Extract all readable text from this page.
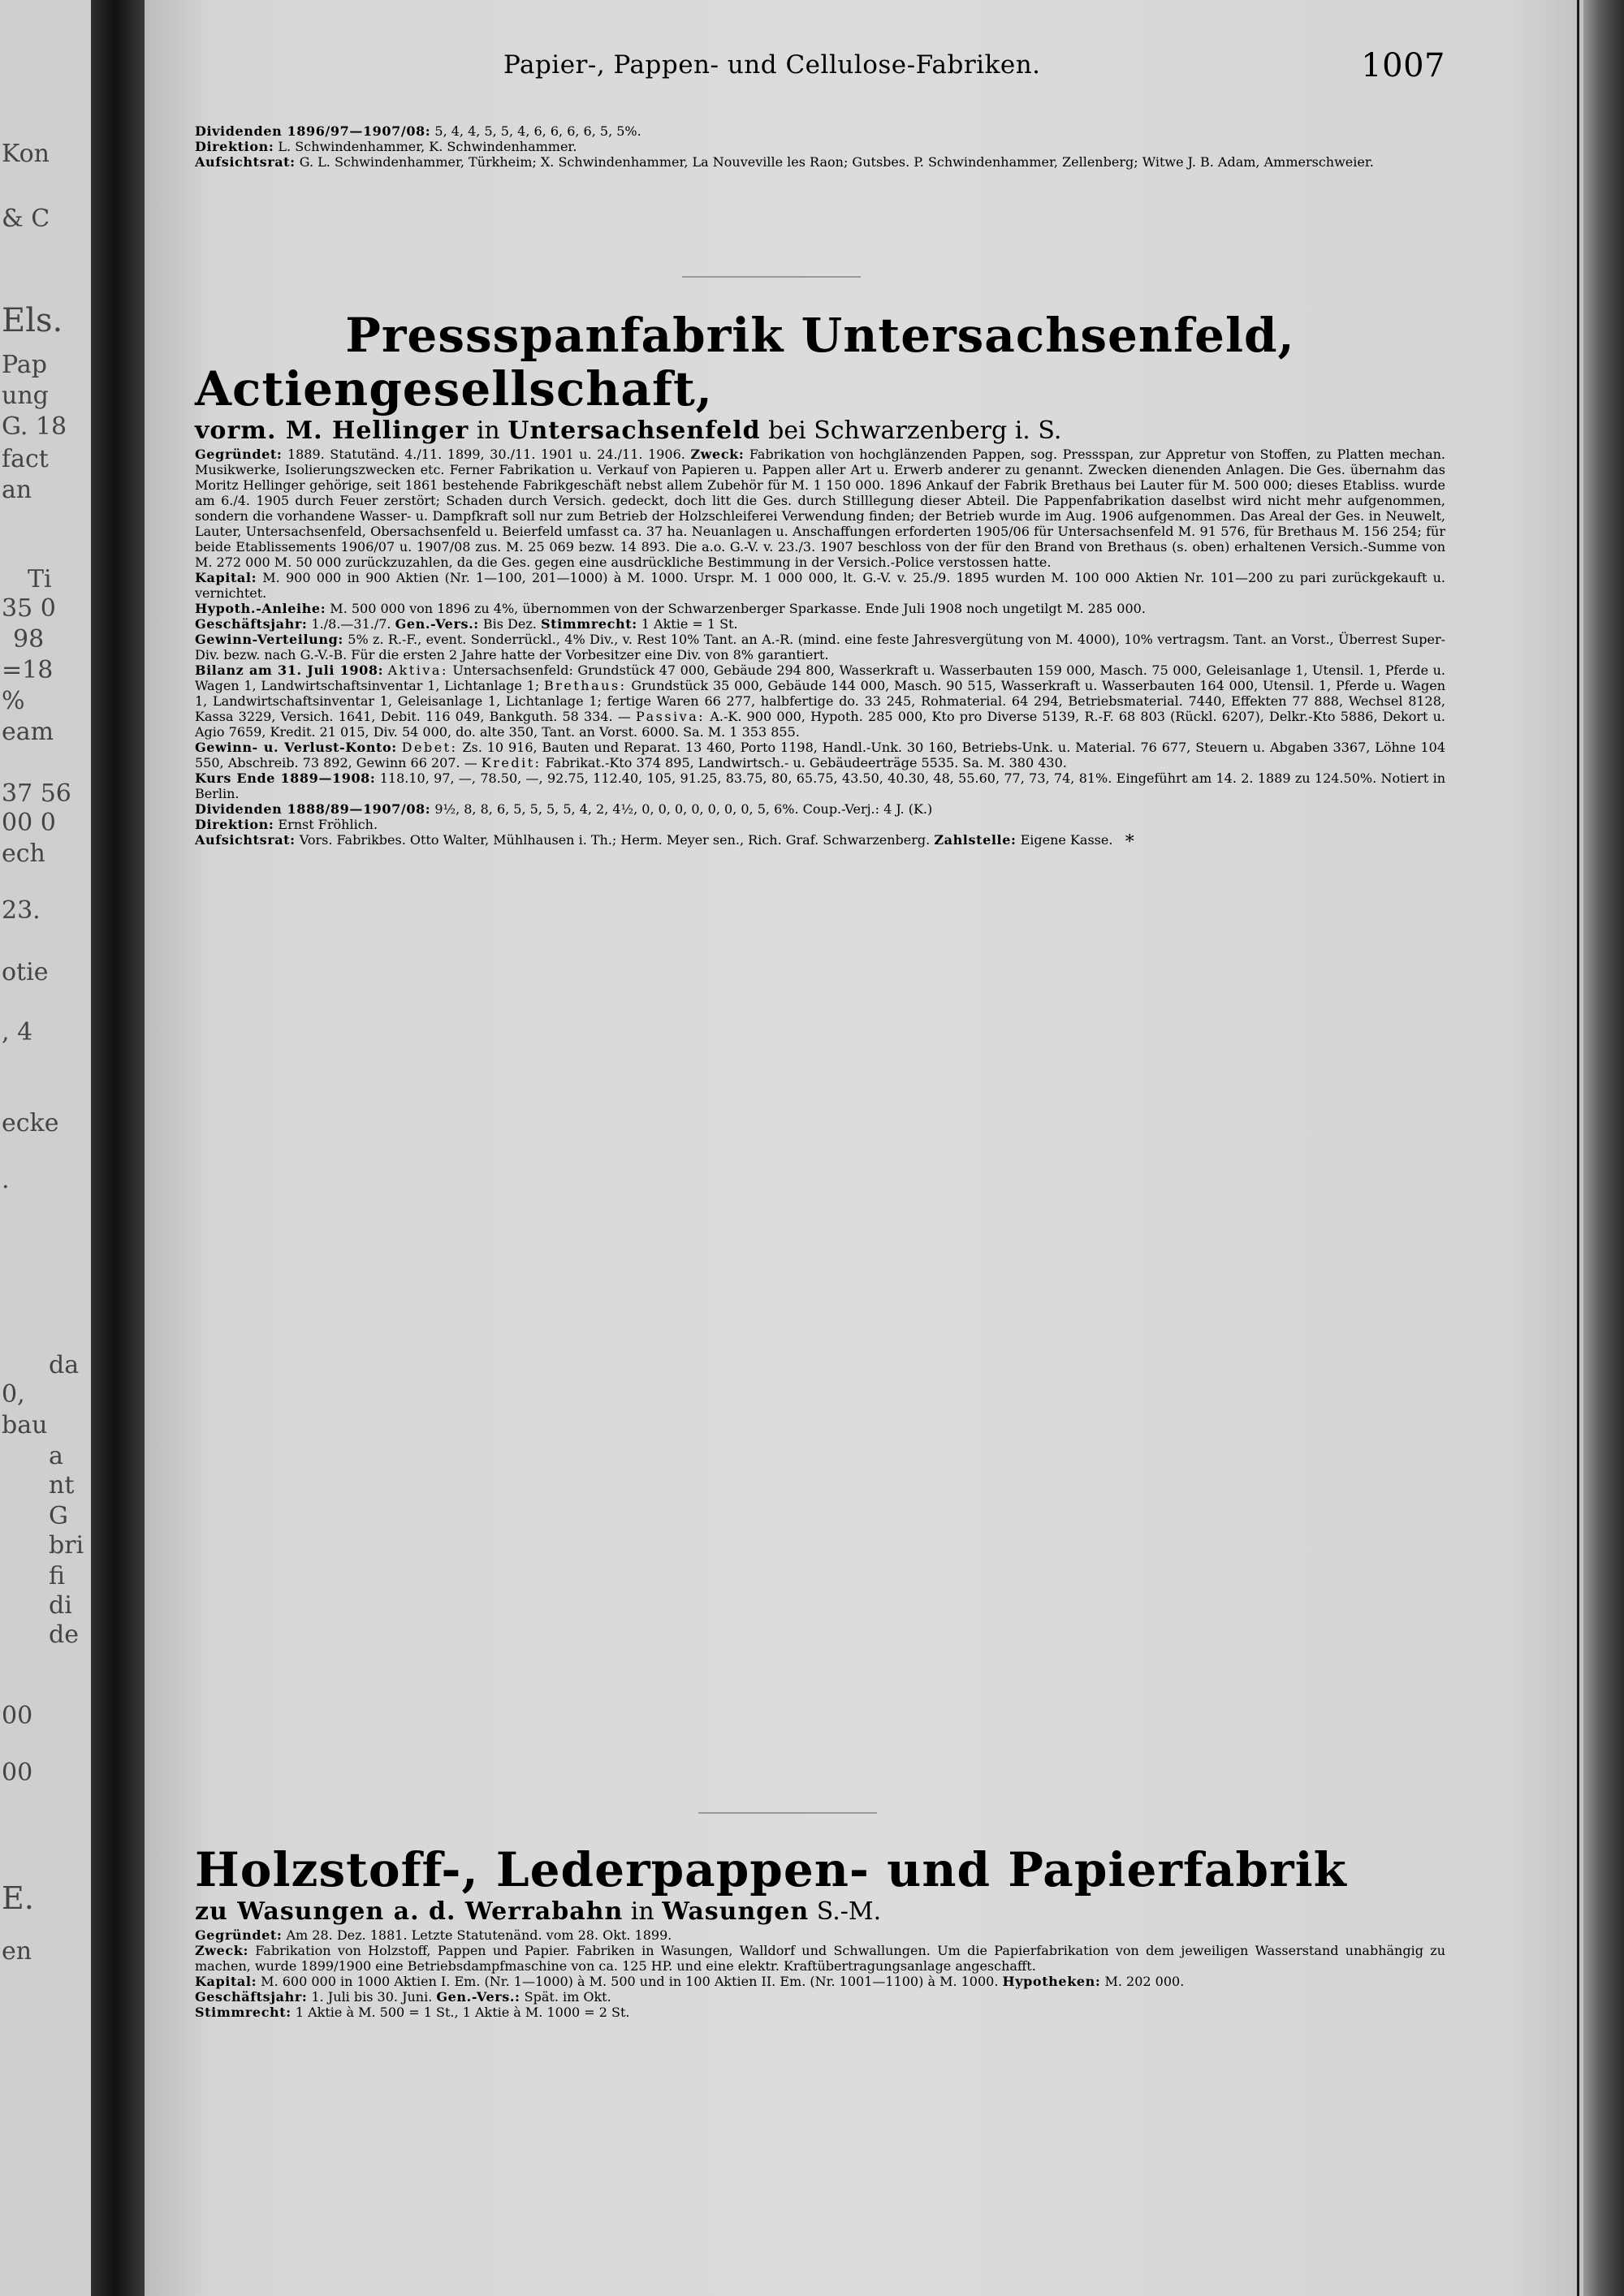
Kon
& C
Els.
Pap
ung
G. 18
fact
an
Ti
35 0
98
=18
%
eam
37 56
00 0
ech
23.
otie
, 4
ecke
.
da
0,
bau
a
nt
G
bri
fi
di
de
00
00
E.
en
Papier-, Pappen- und Cellulose-Fabriken.	1007

Dividenden 1896/97—1907/08: 5, 4, 4, 5, 5, 4, 6, 6, 6, 6, 5, 5%.

Direktion: L. Schwindenhammer, K. Schwindenhammer.

Aufsichtsrat: G. L. Schwindenhammer, Türkheim; X. Schwindenhammer, La Nouveville les Raon; Gutsbes. P. Schwindenhammer, Zellenberg; Witwe J. B. Adam, Ammerschweier.

Pressspanfabrik Untersachsenfeld, Actiengesellschaft,

vorm. M. Hellinger in Untersachsenfeld bei Schwarzenberg i. S.

Gegründet: 1889. Statutänd. 4./11. 1899, 30./11. 1901 u. 24./11. 1906. Zweck: Fabrikation von hochglänzenden Pappen, sog. Pressspan, zur Appretur von Stoffen, zu Platten mechan. Musikwerke, Isolierungszwecken etc. Ferner Fabrikation u. Verkauf von Papieren u. Pappen aller Art u. Erwerb anderer zu genannt. Zwecken dienenden Anlagen. Die Ges. übernahm das Moritz Hellinger gehörige, seit 1861 bestehende Fabrikgeschäft nebst allem Zubehör für M. 1 150 000. 1896 Ankauf der Fabrik Brethaus bei Lauter für M. 500 000; dieses Etabliss. wurde am 6./4. 1905 durch Feuer zerstört; Schaden durch Versich. gedeckt, doch litt die Ges. durch Stilllegung dieser Abteil. Die Pappenfabrikation daselbst wird nicht mehr aufgenommen, sondern die vorhandene Wasser- u. Dampfkraft soll nur zum Betrieb der Holzschleiferei Verwendung finden; der Betrieb wurde im Aug. 1906 aufgenommen. Das Areal der Ges. in Neuwelt, Lauter, Untersachsenfeld, Obersachsenfeld u. Beierfeld umfasst ca. 37 ha. Neuanlagen u. Anschaffungen erforderten 1905/06 für Untersachsenfeld M. 91 576, für Brethaus M. 156 254; für beide Etablissements 1906/07 u. 1907/08 zus. M. 25 069 bezw. 14 893. Die a.o. G.-V. v. 23./3. 1907 beschloss von der für den Brand von Brethaus (s. oben) erhaltenen Versich.-Summe von M. 272 000 M. 50 000 zurückzuzahlen, da die Ges. gegen eine ausdrückliche Bestimmung in der Versich.-Police verstossen hatte.

Kapital: M. 900 000 in 900 Aktien (Nr. 1—100, 201—1000) à M. 1000. Urspr. M. 1 000 000, lt. G.-V. v. 25./9. 1895 wurden M. 100 000 Aktien Nr. 101—200 zu pari zurückgekauft u. vernichtet.

Hypoth.-Anleihe: M. 500 000 von 1896 zu 4%, übernommen von der Schwarzenberger Sparkasse. Ende Juli 1908 noch ungetilgt M. 285 000.

Geschäftsjahr: 1./8.—31./7. Gen.-Vers.: Bis Dez. Stimmrecht: 1 Aktie = 1 St.

Gewinn-Verteilung: 5% z. R.-F., event. Sonderrückl., 4% Div., v. Rest 10% Tant. an A.-R. (mind. eine feste Jahresvergütung von M. 4000), 10% vertragsm. Tant. an Vorst., Überrest Super-Div. bezw. nach G.-V.-B. Für die ersten 2 Jahre hatte der Vorbesitzer eine Div. von 8% garantiert.

Bilanz am 31. Juli 1908: Aktiva: Untersachsenfeld: Grundstück 47 000, Gebäude 294 800, Wasserkraft u. Wasserbauten 159 000, Masch. 75 000, Geleisanlage 1, Utensil. 1, Pferde u. Wagen 1, Landwirtschaftsinventar 1, Lichtanlage 1; Brethaus: Grundstück 35 000, Gebäude 144 000, Masch. 90 515, Wasserkraft u. Wasserbauten 164 000, Utensil. 1, Pferde u. Wagen 1, Landwirtschaftsinventar 1, Geleisanlage 1, Lichtanlage 1; fertige Waren 66 277, halbfertige do. 33 245, Rohmaterial. 64 294, Betriebsmaterial. 7440, Effekten 77 888, Wechsel 8128, Kassa 3229, Versich. 1641, Debit. 116 049, Bankguth. 58 334. — Passiva: A.-K. 900 000, Hypoth. 285 000, Kto pro Diverse 5139, R.-F. 68 803 (Rückl. 6207), Delkr.-Kto 5886, Dekort u. Agio 7659, Kredit. 21 015, Div. 54 000, do. alte 350, Tant. an Vorst. 6000. Sa. M. 1 353 855.

Gewinn- u. Verlust-Konto: Debet: Zs. 10 916, Bauten und Reparat. 13 460, Porto 1198, Handl.-Unk. 30 160, Betriebs-Unk. u. Material. 76 677, Steuern u. Abgaben 3367, Löhne 104 550, Abschreib. 73 892, Gewinn 66 207. — Kredit: Fabrikat.-Kto 374 895, Landwirtsch.- u. Gebäudeerträge 5535. Sa. M. 380 430.

Kurs Ende 1889—1908: 118.10, 97, —, 78.50, —, 92.75, 112.40, 105, 91.25, 83.75, 80, 65.75, 43.50, 40.30, 48, 55.60, 77, 73, 74, 81%. Eingeführt am 14. 2. 1889 zu 124.50%. Notiert in Berlin.

Dividenden 1888/89—1907/08: 9½, 8, 8, 6, 5, 5, 5, 5, 4, 2, 4½, 0, 0, 0, 0, 0, 0, 0, 5, 6%. Coup.-Verj.: 4 J. (K.)

Direktion: Ernst Fröhlich.

Aufsichtsrat: Vors. Fabrikbes. Otto Walter, Mühlhausen i. Th.; Herm. Meyer sen., Rich. Graf. Schwarzenberg. Zahlstelle: Eigene Kasse. *

Holzstoff-, Lederpappen- und Papierfabrik

zu Wasungen a. d. Werrabahn in Wasungen S.-M.

Gegründet: Am 28. Dez. 1881. Letzte Statutenänd. vom 28. Okt. 1899.

Zweck: Fabrikation von Holzstoff, Pappen und Papier. Fabriken in Wasungen, Walldorf und Schwallungen. Um die Papierfabrikation von dem jeweiligen Wasserstand unabhängig zu machen, wurde 1899/1900 eine Betriebsdampfmaschine von ca. 125 HP. und eine elektr. Kraftübertragungsanlage angeschafft.

Kapital: M. 600 000 in 1000 Aktien I. Em. (Nr. 1—1000) à M. 500 und in 100 Aktien II. Em. (Nr. 1001—1100) à M. 1000. Hypotheken: M. 202 000.

Geschäftsjahr: 1. Juli bis 30. Juni. Gen.-Vers.: Spät. im Okt.

Stimmrecht: 1 Aktie à M. 500 = 1 St., 1 Aktie à M. 1000 = 2 St.
